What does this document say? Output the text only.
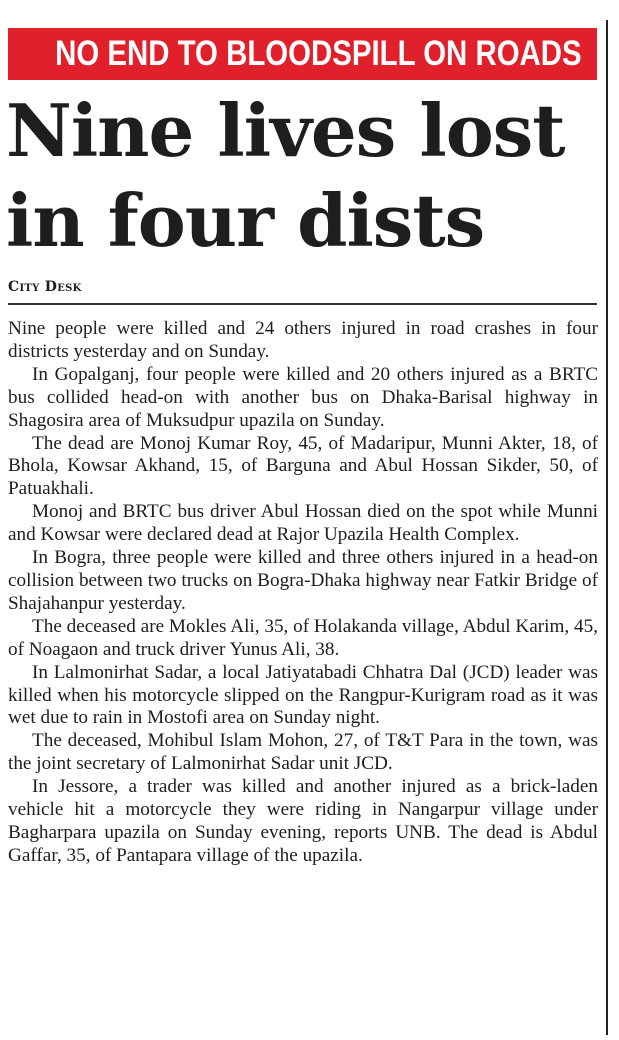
NO END TO BLOODSPILL ON ROADS
Nine lives lost
in four dists
City Desk

Nine people were killed and 24 others injured in road crashes in four districts yesterday and on Sunday.

In Gopalganj, four people were killed and 20 others injured as a BRTC bus collided head-on with another bus on Dhaka-Barisal highway in Shagosira area of Muksudpur upazila on Sunday.

The dead are Monoj Kumar Roy, 45, of Madaripur, Munni Akter, 18, of Bhola, Kowsar Akhand, 15, of Barguna and Abul Hossan Sikder, 50, of Patuakhali.

Monoj and BRTC bus driver Abul Hossan died on the spot while Munni and Kowsar were declared dead at Rajor Upazila Health Complex.

In Bogra, three people were killed and three others injured in a head-on collision between two trucks on Bogra-Dhaka highway near Fatkir Bridge of Shajahanpur yesterday.

The deceased are Mokles Ali, 35, of Holakanda village, Abdul Karim, 45, of Noagaon and truck driver Yunus Ali, 38.

In Lalmonirhat Sadar, a local Jatiyatabadi Chhatra Dal (JCD) leader was killed when his motorcycle slipped on the Rangpur-Kurigram road as it was wet due to rain in Mostofi area on Sunday night.

The deceased, Mohibul Islam Mohon, 27, of T&T Para in the town, was the joint secretary of Lalmonirhat Sadar unit JCD.

In Jessore, a trader was killed and another injured as a brick-laden vehicle hit a motorcycle they were riding in Nangarpur village under Bagharpara upazila on Sunday evening, reports UNB. The dead is Abdul Gaffar, 35, of Pantapara village of the upazila.
